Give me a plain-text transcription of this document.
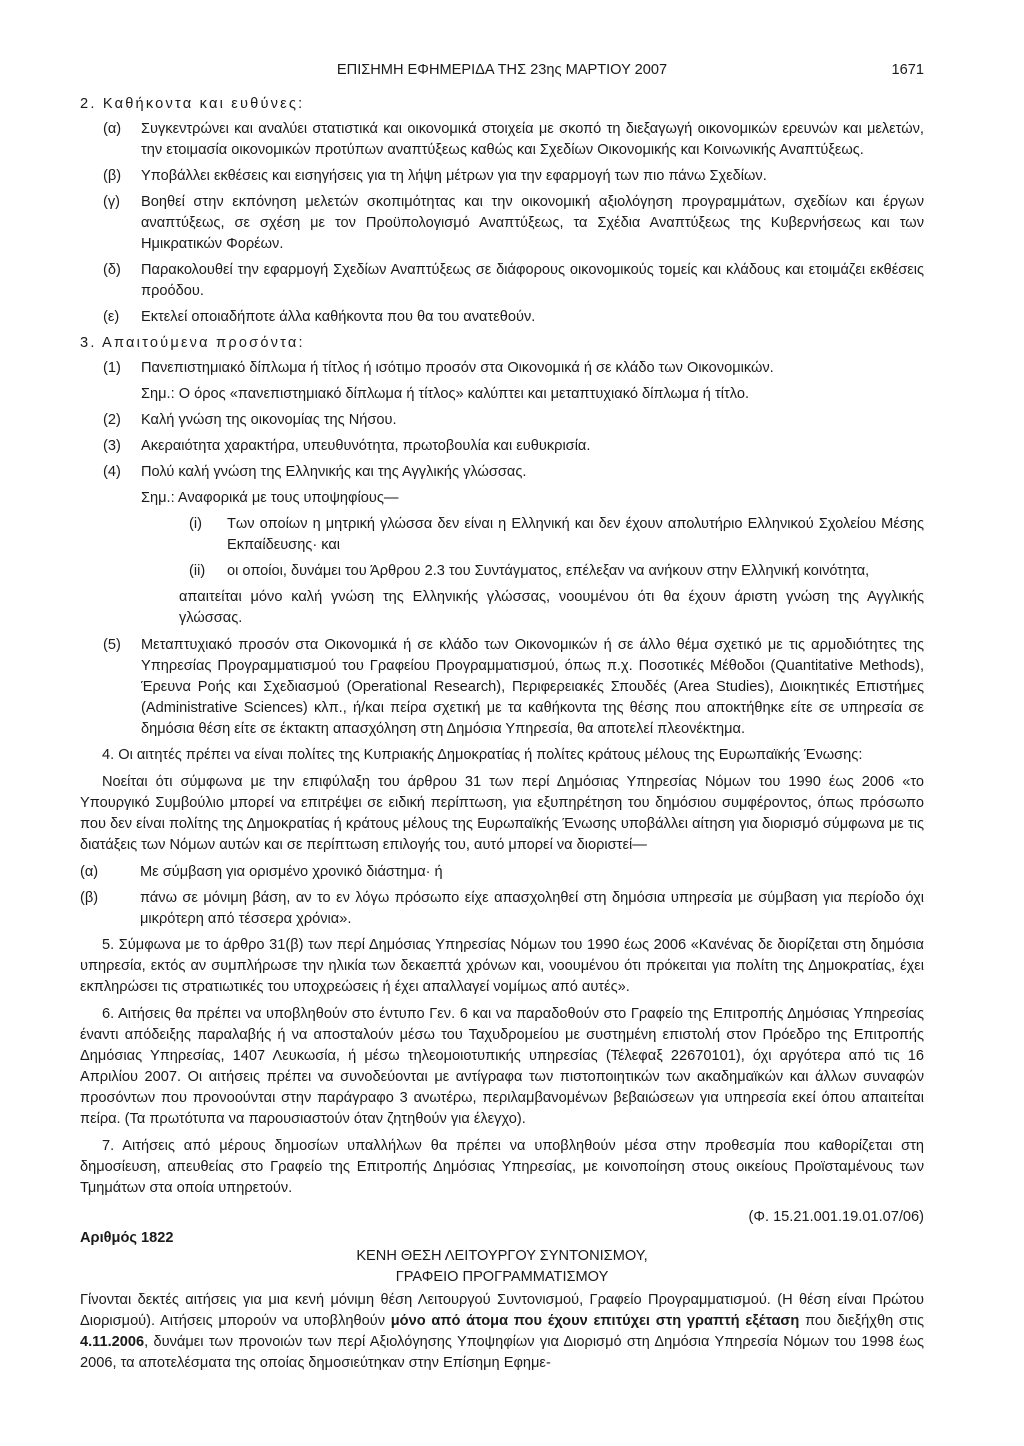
ΕΠΙΣΗΜΗ ΕΦΗΜΕΡΙΔΑ ΤΗΣ 23ης ΜΑΡΤΙΟΥ 2007	1671

2. Καθήκοντα και ευθύνες:

(α)	Συγκεντρώνει και αναλύει στατιστικά και οικονομικά στοιχεία με σκοπό τη διεξαγωγή οικονομικών ερευνών και μελετών, την ετοιμασία οικονομικών προτύπων αναπτύξεως καθώς και Σχεδίων Οικονομικής και Κοινωνικής Αναπτύξεως.
(β)	Υποβάλλει εκθέσεις και εισηγήσεις για τη λήψη μέτρων για την εφαρμογή των πιο πάνω Σχεδίων.
(γ)	Βοηθεί στην εκπόνηση μελετών σκοπιμότητας και την οικονομική αξιολόγηση προγραμμάτων, σχεδίων και έργων αναπτύξεως, σε σχέση με τον Προϋπολογισμό Αναπτύξεως, τα Σχέδια Αναπτύξεως της Κυβερνήσεως και των Ημικρατικών Φορέων.
(δ)	Παρακολουθεί την εφαρμογή Σχεδίων Αναπτύξεως σε διάφορους οικονομικούς τομείς και κλάδους και ετοιμάζει εκθέσεις προόδου.
(ε)	Εκτελεί οποιαδήποτε άλλα καθήκοντα που θα του ανατεθούν.

3. Απαιτούμενα προσόντα:

(1)	Πανεπιστημιακό δίπλωμα ή τίτλος ή ισότιμο προσόν στα Οικονομικά ή σε κλάδο των Οικονομικών.

Σημ.: Ο όρος «πανεπιστημιακό δίπλωμα ή τίτλος» καλύπτει και μεταπτυχιακό δίπλωμα ή τίτλο.

(2)	Καλή γνώση της οικονομίας της Νήσου.
(3)	Ακεραιότητα χαρακτήρα, υπευθυνότητα, πρωτοβουλία και ευθυκρισία.
(4)	Πολύ καλή γνώση της Ελληνικής και της Αγγλικής γλώσσας.

Σημ.: Αναφορικά με τους υποψηφίους—

(i)	Των οποίων η μητρική γλώσσα δεν είναι η Ελληνική και δεν έχουν απολυτήριο Ελληνικού Σχολείου Μέσης Εκπαίδευσης· και
(ii)	οι οποίοι, δυνάμει του Άρθρου 2.3 του Συντάγματος, επέλεξαν να ανήκουν στην Ελληνική κοινότητα,

απαιτείται μόνο καλή γνώση της Ελληνικής γλώσσας, νοουμένου ότι θα έχουν άριστη γνώση της Αγγλικής γλώσσας.

(5)	Μεταπτυχιακό προσόν στα Οικονομικά ή σε κλάδο των Οικονομικών ή σε άλλο θέμα σχετικό με τις αρμοδιότητες της Υπηρεσίας Προγραμματισμού του Γραφείου Προγραμματισμού, όπως π.χ. Ποσοτικές Μέθοδοι (Quantitative Methods), Έρευνα Ροής και Σχεδιασμού (Operational Research), Περιφερειακές Σπουδές (Area Studies), Διοικητικές Επιστήμες (Administrative Sciences) κλπ., ή/και πείρα σχετική με τα καθήκοντα της θέσης που αποκτήθηκε είτε σε υπηρεσία σε δημόσια θέση είτε σε έκτακτη απασχόληση στη Δημόσια Υπηρεσία, θα αποτελεί πλεονέκτημα.

4. Οι αιτητές πρέπει να είναι πολίτες της Κυπριακής Δημοκρατίας ή πολίτες κράτους μέλους της Ευρωπαϊκής Ένωσης:

Νοείται ότι σύμφωνα με την επιφύλαξη του άρθρου 31 των περί Δημόσιας Υπηρεσίας Νόμων του 1990 έως 2006 «το Υπουργικό Συμβούλιο μπορεί να επιτρέψει σε ειδική περίπτωση, για εξυπηρέτηση του δημόσιου συμφέροντος, όπως πρόσωπο που δεν είναι πολίτης της Δημοκρατίας ή κράτους μέλους της Ευρωπαϊκής Ένωσης υποβάλλει αίτηση για διορισμό σύμφωνα με τις διατάξεις των Νόμων αυτών και σε περίπτωση επιλογής του, αυτό μπορεί να διοριστεί—

(α)	Με σύμβαση για ορισμένο χρονικό διάστημα· ή
(β)	πάνω σε μόνιμη βάση, αν το εν λόγω πρόσωπο είχε απασχοληθεί στη δημόσια υπηρεσία με σύμβαση για περίοδο όχι μικρότερη από τέσσερα χρόνια».

5. Σύμφωνα με το άρθρο 31(β) των περί Δημόσιας Υπηρεσίας Νόμων του 1990 έως 2006 «Κανένας δε διορίζεται στη δημόσια υπηρεσία, εκτός αν συμπλήρωσε την ηλικία των δεκαεπτά χρόνων και, νοουμένου ότι πρόκειται για πολίτη της Δημοκρατίας, έχει εκπληρώσει τις στρατιωτικές του υποχρεώσεις ή έχει απαλλαγεί νομίμως από αυτές».

6. Αιτήσεις θα πρέπει να υποβληθούν στο έντυπο Γεν. 6 και να παραδοθούν στο Γραφείο της Επιτροπής Δημόσιας Υπηρεσίας έναντι απόδειξης παραλαβής ή να αποσταλούν μέσω του Ταχυδρομείου με συστημένη επιστολή στον Πρόεδρο της Επιτροπής Δημόσιας Υπηρεσίας, 1407 Λευκωσία, ή μέσω τηλεομοιοτυπικής υπηρεσίας (Τέλεφαξ 22670101), όχι αργότερα από τις 16 Απριλίου 2007. Οι αιτήσεις πρέπει να συνοδεύονται με αντίγραφα των πιστοποιητικών των ακαδημαϊκών και άλλων συναφών προσόντων που προνοούνται στην παράγραφο 3 ανωτέρω, περιλαμβανομένων βεβαιώσεων για υπηρεσία εκεί όπου απαιτείται πείρα. (Τα πρωτότυπα να παρουσιαστούν όταν ζητηθούν για έλεγχο).

7. Αιτήσεις από μέρους δημοσίων υπαλλήλων θα πρέπει να υποβληθούν μέσα στην προθεσμία που καθορίζεται στη δημοσίευση, απευθείας στο Γραφείο της Επιτροπής Δημόσιας Υπηρεσίας, με κοινοποίηση στους οικείους Προϊσταμένους των Τμημάτων στα οποία υπηρετούν.

(Φ. 15.21.001.19.01.07/06)

Αριθμός 1822

ΚΕΝΗ ΘΕΣΗ ΛΕΙΤΟΥΡΓΟΥ ΣΥΝΤΟΝΙΣΜΟΥ,

ΓΡΑΦΕΙΟ ΠΡΟΓΡΑΜΜΑΤΙΣΜΟΥ

Γίνονται δεκτές αιτήσεις για μια κενή μόνιμη θέση Λειτουργού Συντονισμού, Γραφείο Προγραμματισμού. (Η θέση είναι Πρώτου Διορισμού). Αιτήσεις μπορούν να υποβληθούν μόνο από άτομα που έχουν επιτύχει στη γραπτή εξέταση που διεξήχθη στις 4.11.2006, δυνάμει των προνοιών των περί Αξιολόγησης Υποψηφίων για Διορισμό στη Δημόσια Υπηρεσία Νόμων του 1998 έως 2006, τα αποτελέσματα της οποίας δημοσιεύτηκαν στην Επίσημη Εφημε-
